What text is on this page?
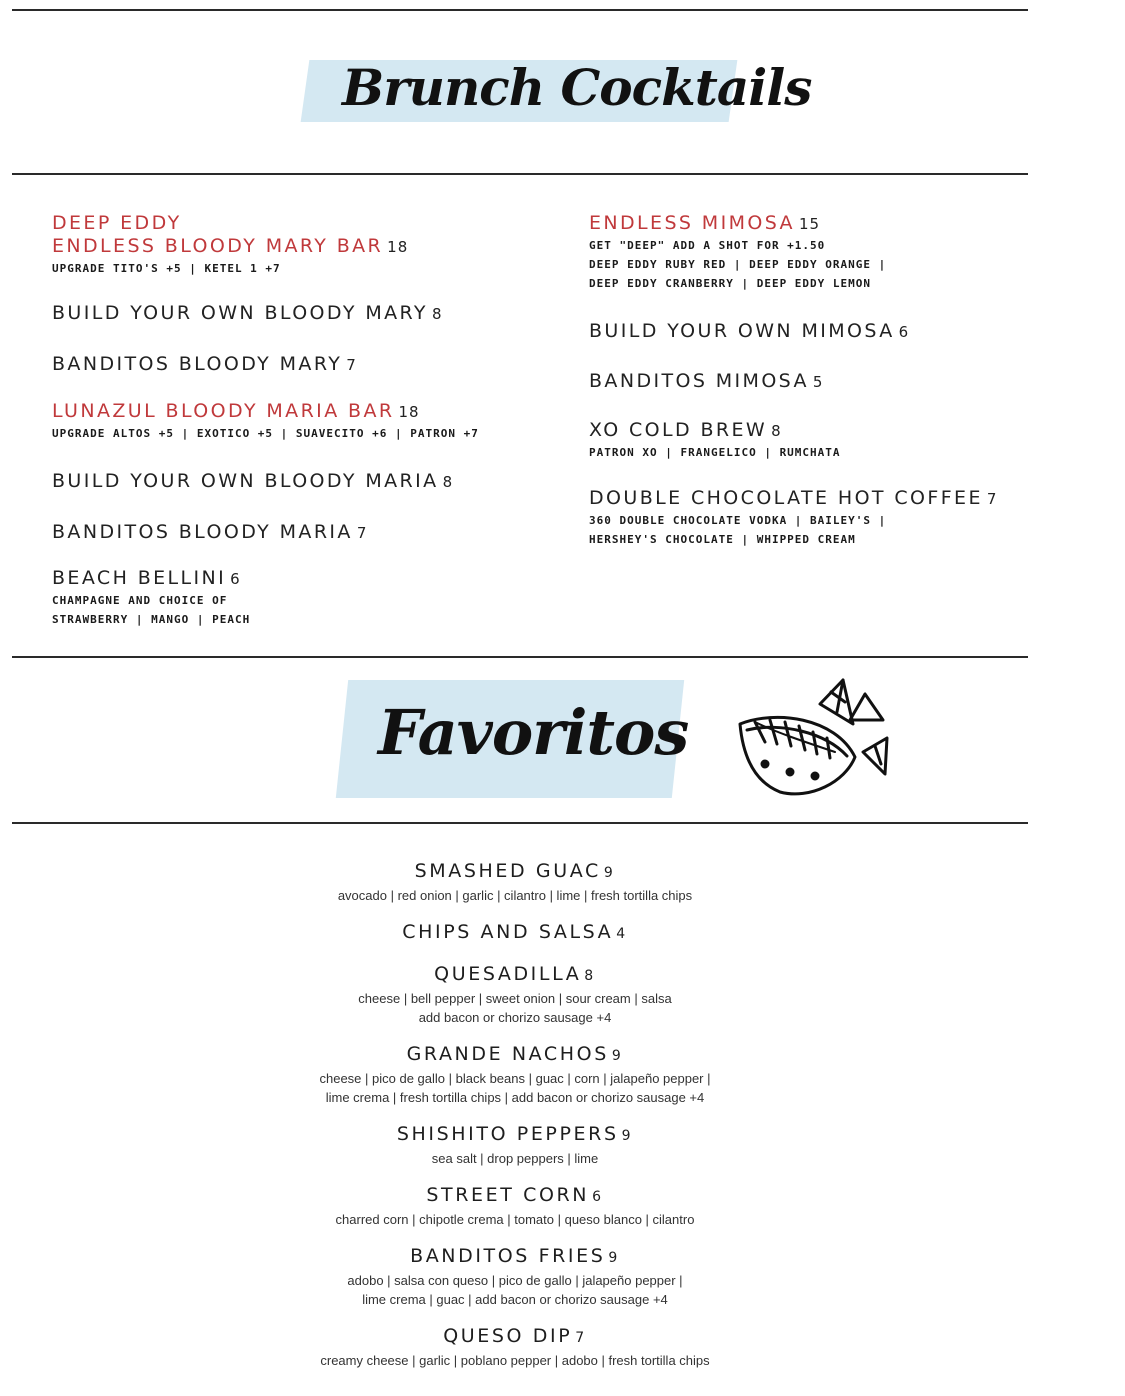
Brunch Cocktails
DEEP EDDY
ENDLESS BLOODY MARY BAR 18
UPGRADE TITO'S +5 | KETEL 1 +7
BUILD YOUR OWN BLOODY MARY 8
BANDITOS BLOODY MARY 7
LUNAZUL BLOODY MARIA BAR 18
UPGRADE ALTOS +5 | EXOTICO +5 | SUAVECITO +6 | PATRON +7
BUILD YOUR OWN BLOODY MARIA 8
BANDITOS BLOODY MARIA 7
BEACH BELLINI 6
CHAMPAGNE AND CHOICE OF
STRAWBERRY | MANGO | PEACH
ENDLESS MIMOSA 15
GET "DEEP" ADD A SHOT FOR +1.50
DEEP EDDY RUBY RED | DEEP EDDY ORANGE |
DEEP EDDY CRANBERRY | DEEP EDDY LEMON
BUILD YOUR OWN MIMOSA 6
BANDITOS MIMOSA 5
XO COLD BREW 8
PATRON XO | FRANGELICO | RUMCHATA
DOUBLE CHOCOLATE HOT COFFEE 7
360 DOUBLE CHOCOLATE VODKA | BAILEY'S |
HERSHEY'S CHOCOLATE | WHIPPED CREAM
Favoritos
SMASHED GUAC 9
avocado | red onion | garlic | cilantro | lime | fresh tortilla chips
CHIPS AND SALSA 4
QUESADILLA 8
cheese | bell pepper | sweet onion | sour cream | salsa
add bacon or chorizo sausage +4
GRANDE NACHOS 9
cheese | pico de gallo | black beans | guac | corn | jalapeño pepper |
lime crema | fresh tortilla chips | add bacon or chorizo sausage +4
SHISHITO PEPPERS 9
sea salt | drop peppers | lime
STREET CORN 6
charred corn | chipotle crema | tomato | queso blanco | cilantro
BANDITOS FRIES 9
adobo | salsa con queso | pico de gallo | jalapeño pepper |
lime crema | guac | add bacon or chorizo sausage +4
QUESO DIP 7
creamy cheese | garlic | poblano pepper | adobo | fresh tortilla chips
